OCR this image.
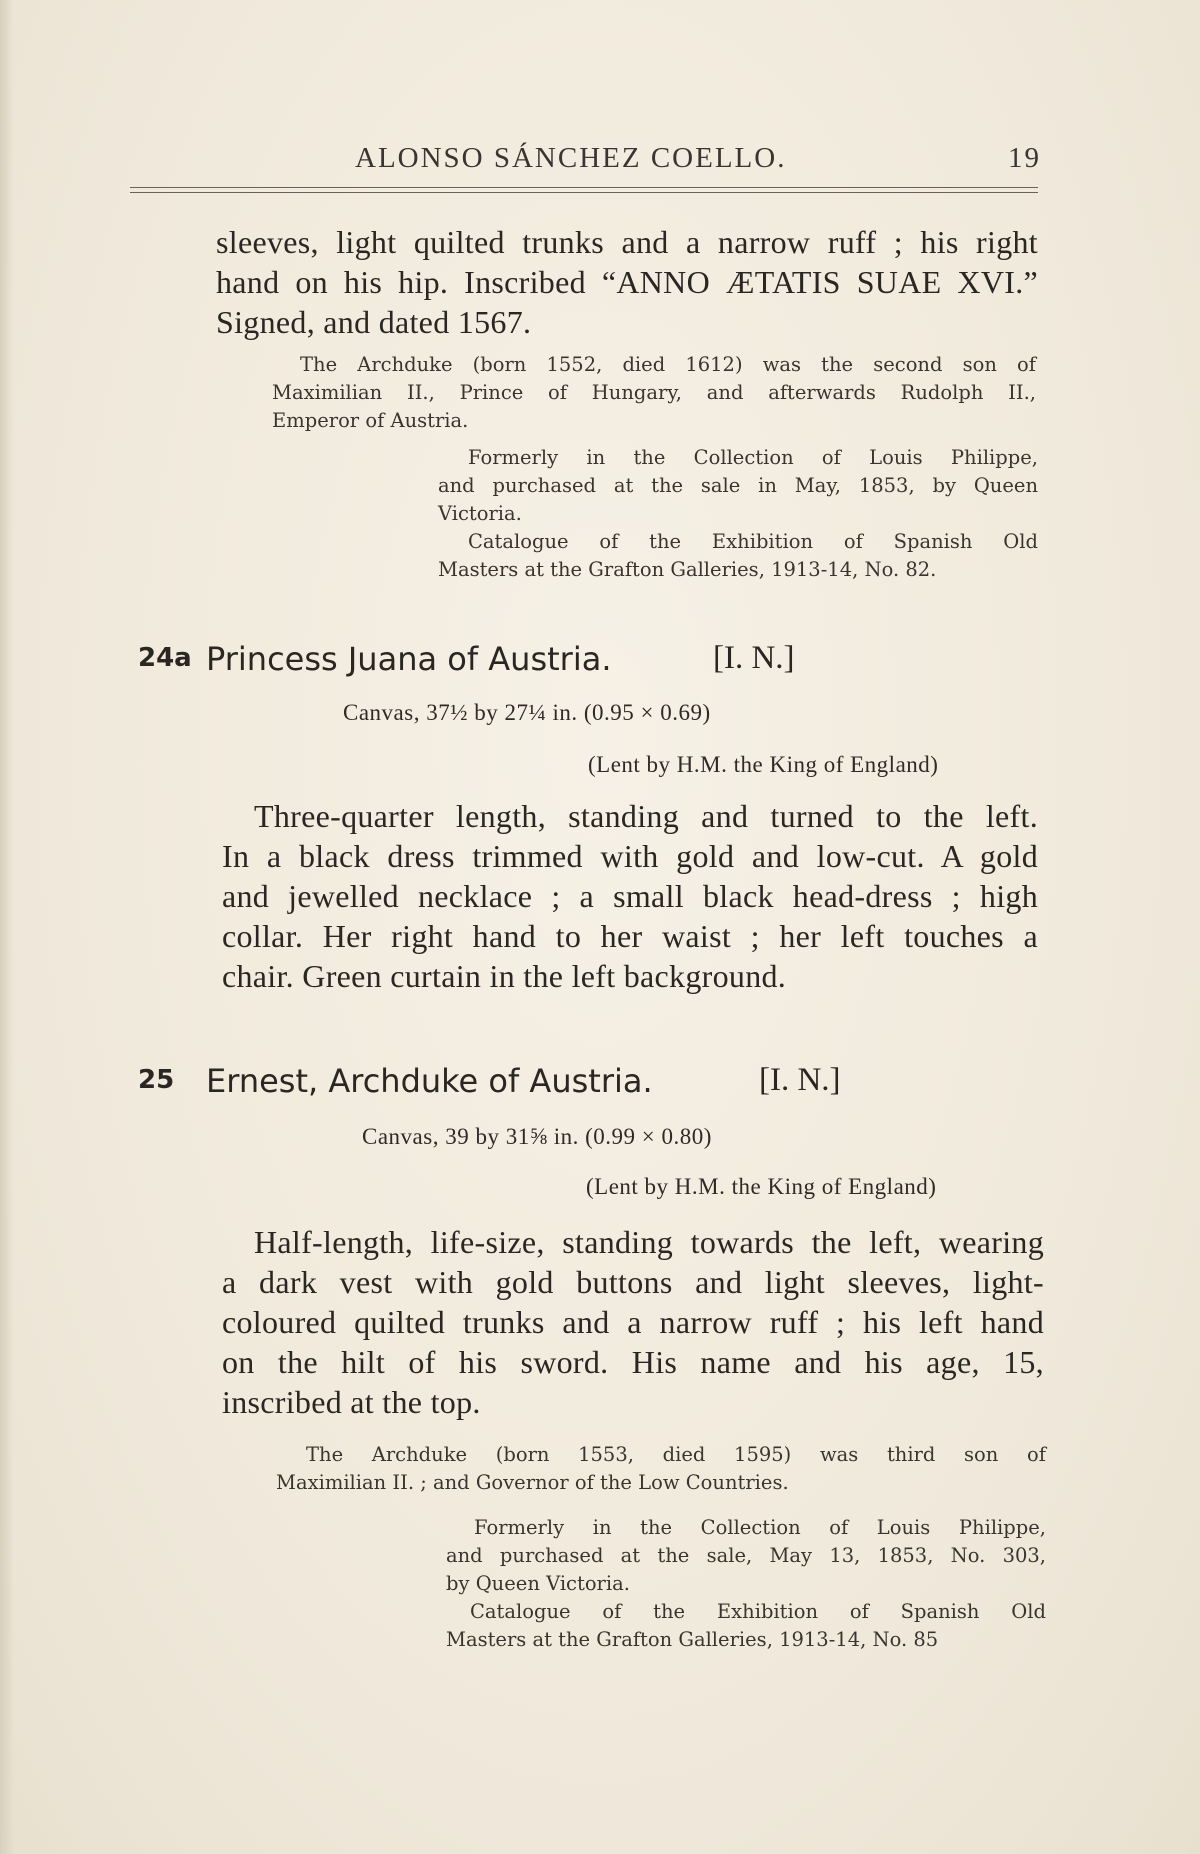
ALONSO SÁNCHEZ COELLO.	19
sleeves, light quilted trunks and a narrow ruff ; his right
hand on his hip. Inscribed “ANNO ÆTATIS SUAE XVI.”
Signed, and dated 1567.
The Archduke (born 1552, died 1612) was the second son of
Maximilian II., Prince of Hungary, and afterwards Rudolph II.,
Emperor of Austria.
Formerly in the Collection of Louis Philippe,
and purchased at the sale in May, 1853, by Queen
Victoria.
Catalogue of the Exhibition of Spanish Old
Masters at the Grafton Galleries, 1913-14, No. 82.
24a Princess Juana of Austria.	[I. N.]
Canvas, 37½ by 27¼ in. (0.95 × 0.69)
(Lent by H.M. the King of England)
Three-quarter length, standing and turned to the left.
In a black dress trimmed with gold and low-cut. A gold
and jewelled necklace ; a small black head-dress ; high
collar. Her right hand to her waist ; her left touches a
chair. Green curtain in the left background.
25 Ernest, Archduke of Austria.	[I. N.]
Canvas, 39 by 31⅝ in. (0.99 × 0.80)
(Lent by H.M. the King of England)
Half-length, life-size, standing towards the left, wearing
a dark vest with gold buttons and light sleeves, light-
coloured quilted trunks and a narrow ruff ; his left hand
on the hilt of his sword. His name and his age, 15,
inscribed at the top.
The Archduke (born 1553, died 1595) was third son of
Maximilian II. ; and Governor of the Low Countries.
Formerly in the Collection of Louis Philippe,
and purchased at the sale, May 13, 1853, No. 303,
by Queen Victoria.
Catalogue of the Exhibition of Spanish Old
Masters at the Grafton Galleries, 1913-14, No. 85
